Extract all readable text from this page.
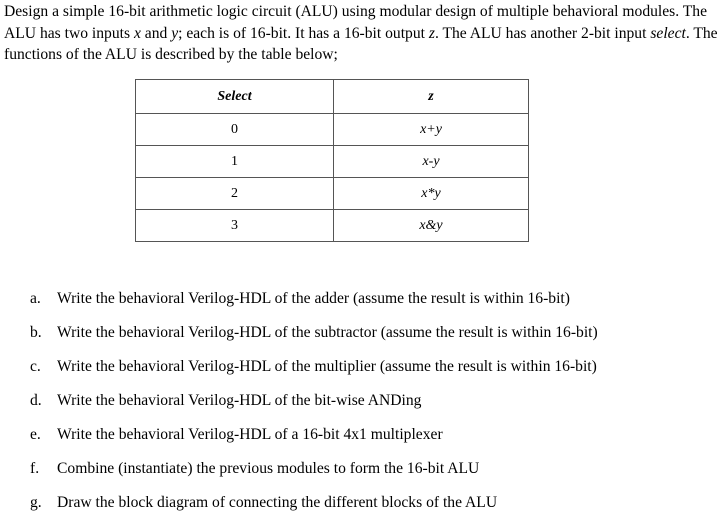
Design a simple 16-bit arithmetic logic circuit (ALU) using modular design of multiple behavioral modules. The ALU has two inputs x and y; each is of 16-bit. It has a 16-bit output z. The ALU has another 2-bit input select. The functions of the ALU is described by the table below;

Select	z
0	x+y
1	x-y
2	x*y
3	x&y
a.	Write the behavioral Verilog-HDL of the adder (assume the result is within 16-bit)
b. Write the behavioral Verilog-HDL of the subtractor (assume the result is within 16-bit)
c.	Write the behavioral Verilog-HDL of the multiplier (assume the result is within 16-bit)
d. Write the behavioral Verilog-HDL of the bit-wise ANDing
e.	Write the behavioral Verilog-HDL of a 16-bit 4x1 multiplexer
f.	Combine (instantiate) the previous modules to form the 16-bit ALU
g. Draw the block diagram of connecting the different blocks of the ALU
